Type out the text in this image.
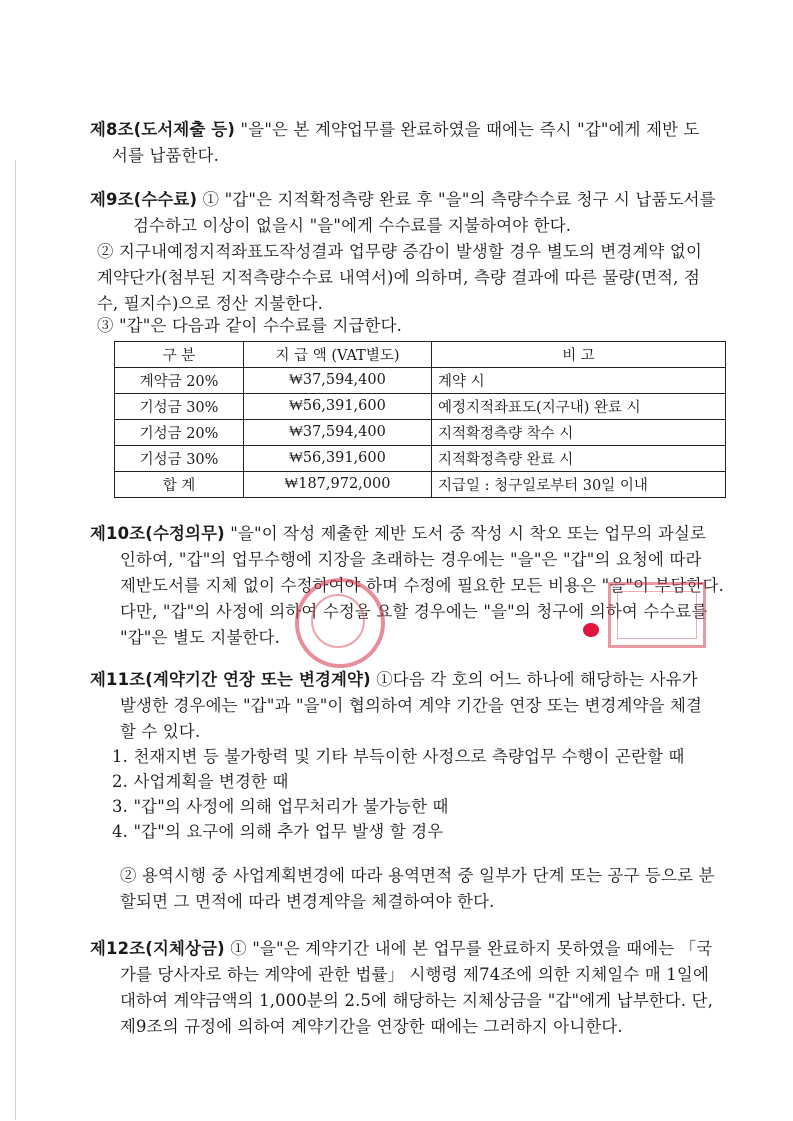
제8조(도서제출 등) "을"은 본 계약업무를 완료하였을 때에는 즉시 "갑"에게 제반 도
서를 납품한다.
제9조(수수료) ① "갑"은 지적확정측량 완료 후 "을"의 측량수수료 청구 시 납품도서를
검수하고 이상이 없을시 "을"에게 수수료를 지불하여야 한다.
② 지구내예정지적좌표도작성결과 업무량 증감이 발생할 경우 별도의 변경계약 없이
계약단가(첨부된 지적측량수수료 내역서)에 의하며, 측량 결과에 따른 물량(면적, 점
수, 필지수)으로 정산 지불한다.
③ "갑"은 다음과 같이 수수료를 지급한다.
구 분	지 급 액 (VAT별도)	비 고
계약금 20%	₩37,594,400	계약 시
기성금 30%	₩56,391,600	예정지적좌표도(지구내) 완료 시
기성금 20%	₩37,594,400	지적확정측량 착수 시
기성금 30%	₩56,391,600	지적확정측량 완료 시
합 계	₩187,972,000	지급일 : 청구일로부터 30일 이내
제10조(수정의무) "을"이 작성 제출한 제반 도서 중 작성 시 착오 또는 업무의 과실로
인하여, "갑"의 업무수행에 지장을 초래하는 경우에는 "을"은 "갑"의 요청에 따라
제반도서를 지체 없이 수정하여야 하며 수정에 필요한 모든 비용은 "을"이 부담한다.
다만, "갑"의 사정에 의하여 수정을 요할 경우에는 "을"의 청구에 의하여 수수료를
"갑"은 별도 지불한다.
제11조(계약기간 연장 또는 변경계약) ①다음 각 호의 어느 하나에 해당하는 사유가
발생한 경우에는 "갑"과 "을"이 협의하여 계약 기간을 연장 또는 변경계약을 체결
할 수 있다.
1. 천재지변 등 불가항력 및 기타 부득이한 사정으로 측량업무 수행이 곤란할 때
2. 사업계획을 변경한 때
3. "갑"의 사정에 의해 업무처리가 불가능한 때
4. "갑"의 요구에 의해 추가 업무 발생 할 경우
② 용역시행 중 사업계획변경에 따라 용역면적 중 일부가 단계 또는 공구 등으로 분
할되면 그 면적에 따라 변경계약을 체결하여야 한다.
제12조(지체상금) ① "을"은 계약기간 내에 본 업무를 완료하지 못하였을 때에는 「국
가를 당사자로 하는 계약에 관한 법률」 시행령 제74조에 의한 지체일수 매 1일에
대하여 계약금액의 1,000분의 2.5에 해당하는 지체상금을 "갑"에게 납부한다. 단,
제9조의 규정에 의하여 계약기간을 연장한 때에는 그러하지 아니한다.
